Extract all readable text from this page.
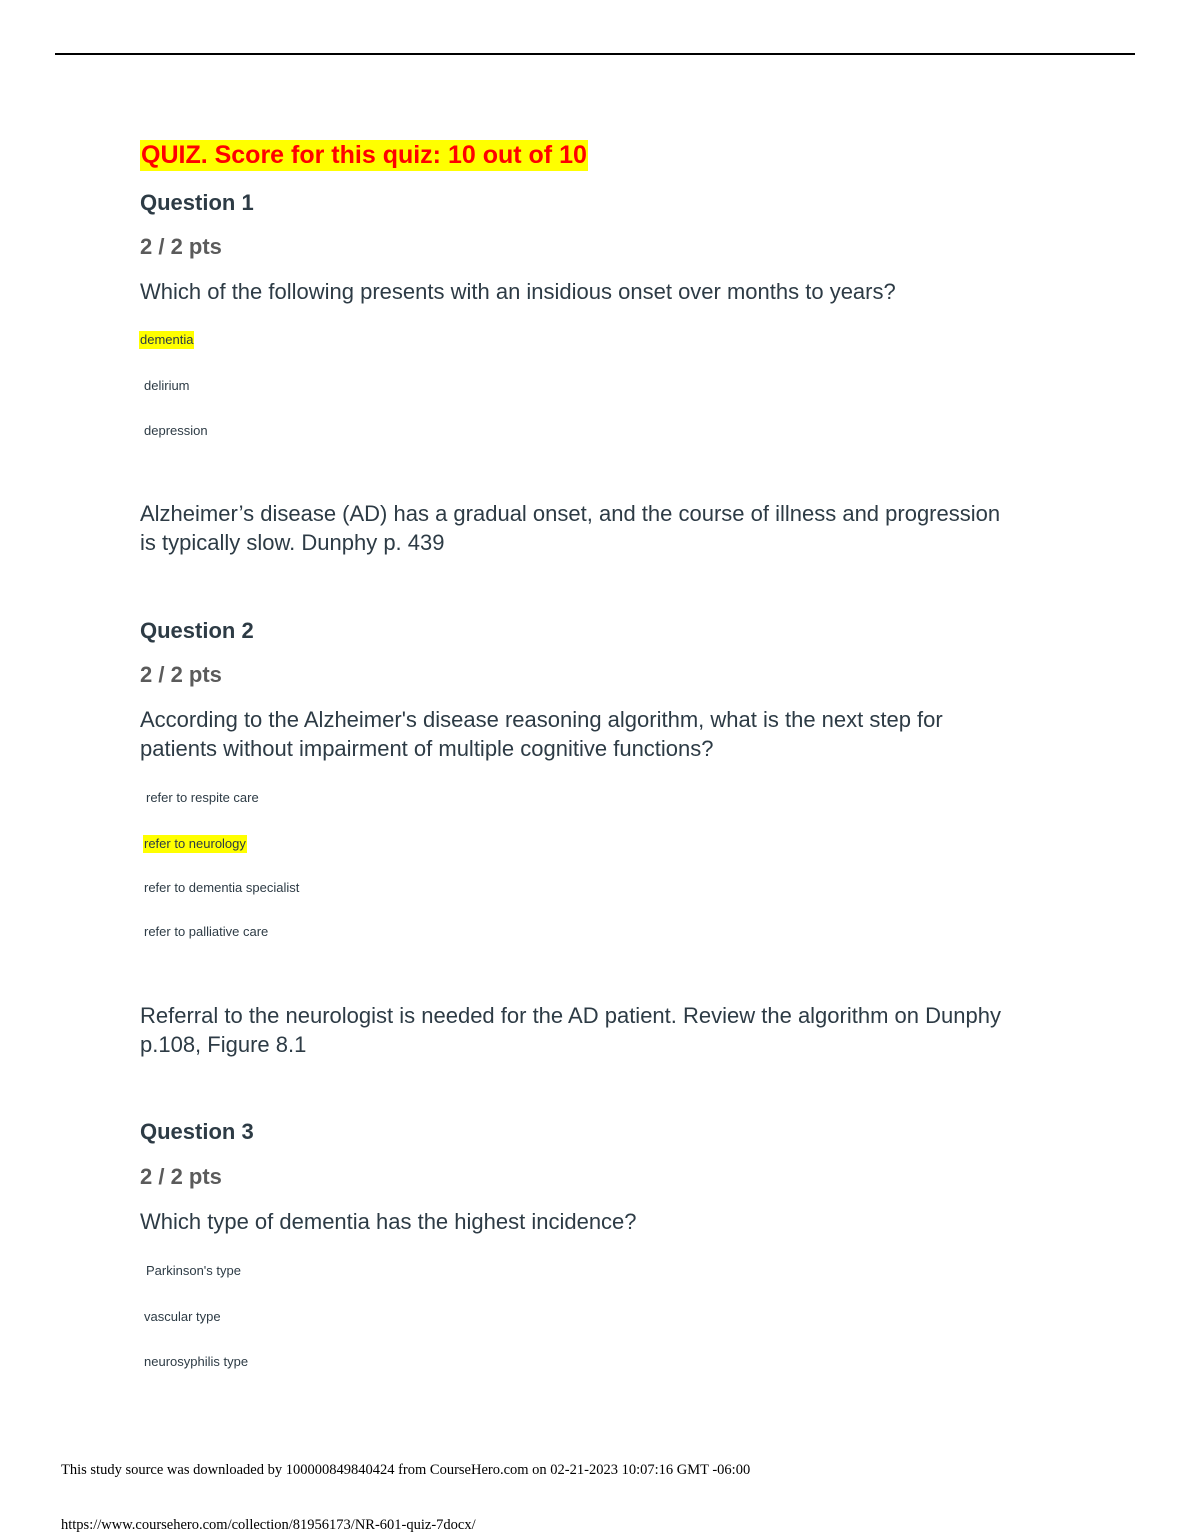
QUIZ. Score for this quiz: 10 out of 10
Question 1
2 / 2 pts
Which of the following presents with an insidious onset over months to years?
dementia
delirium
depression
Alzheimer’s disease (AD) has a gradual onset, and the course of illness and progression is typically slow. Dunphy p. 439
Question 2
2 / 2 pts
According to the Alzheimer's disease reasoning algorithm, what is the next step for patients without impairment of multiple cognitive functions?
refer to respite care
refer to neurology
refer to dementia specialist
refer to palliative care
Referral to the neurologist is needed for the AD patient. Review the algorithm on Dunphy p.108, Figure 8.1
Question 3
2 / 2 pts
Which type of dementia has the highest incidence?
Parkinson's type
vascular type
neurosyphilis type
This study source was downloaded by 100000849840424 from CourseHero.com on 02-21-2023 10:07:16 GMT -06:00
https://www.coursehero.com/collection/81956173/NR-601-quiz-7docx/
